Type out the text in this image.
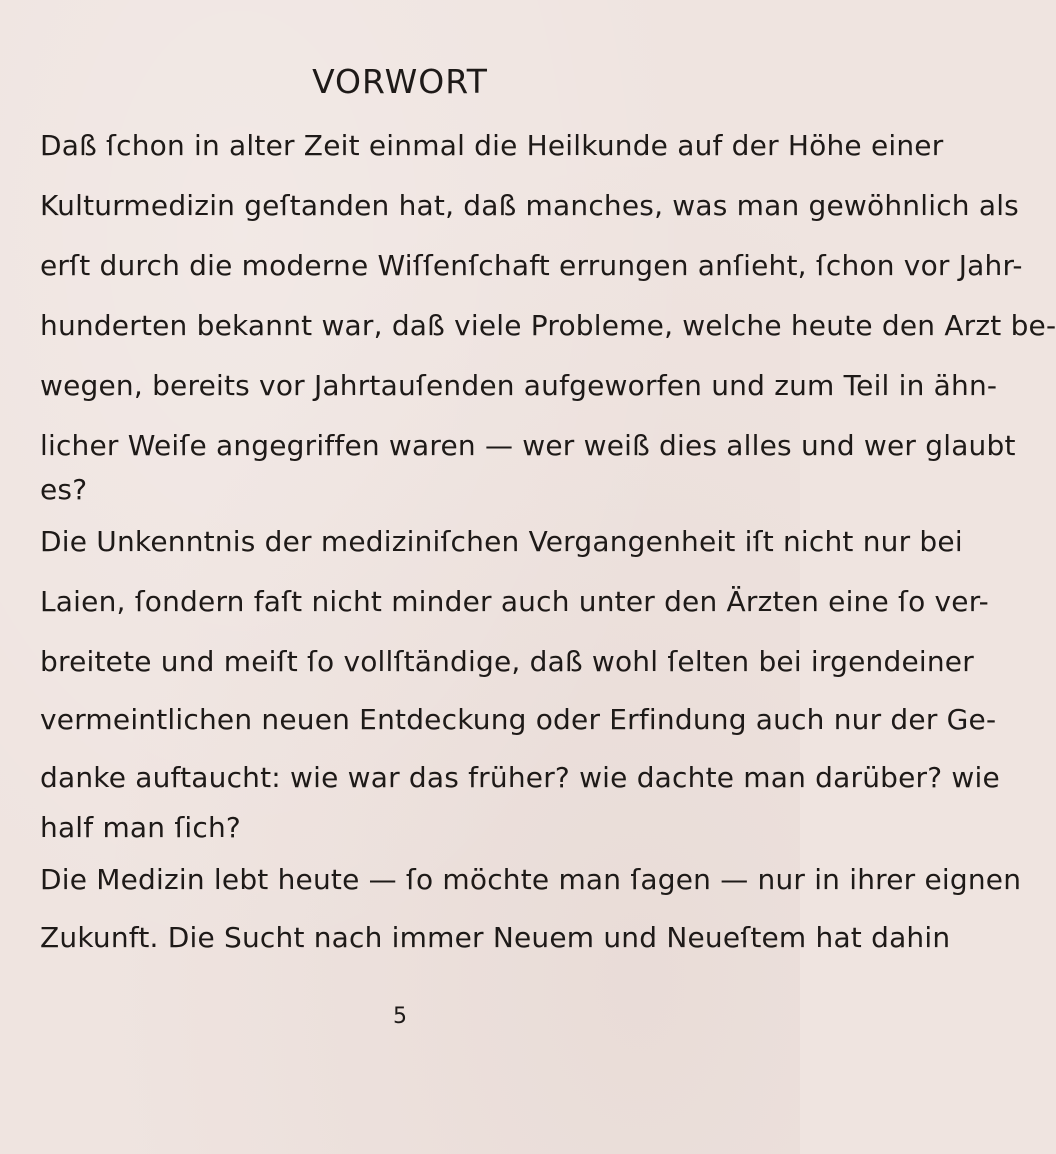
VORWORT
Daß ſchon in alter Zeit einmal die Heilkunde auf der Höhe einer
Kulturmedizin geſtanden hat, daß manches, was man gewöhnlich als
erſt durch die moderne Wiſſenſchaft errungen anſieht, ſchon vor Jahr-
hunderten bekannt war, daß viele Probleme, welche heute den Arzt be-
wegen, bereits vor Jahrtauſenden aufgeworfen und zum Teil in ähn-
licher Weiſe angegriffen waren — wer weiß dies alles und wer glaubt
es?
Die Unkenntnis der mediziniſchen Vergangenheit iſt nicht nur bei
Laien, ſondern faſt nicht minder auch unter den Ärzten eine ſo ver-
breitete und meiſt ſo vollſtändige, daß wohl ſelten bei irgendeiner
vermeintlichen neuen Entdeckung oder Erfindung auch nur der Ge-
danke auftaucht: wie war das früher? wie dachte man darüber? wie
half man ſich?
Die Medizin lebt heute — ſo möchte man ſagen — nur in ihrer eignen
Zukunft. Die Sucht nach immer Neuem und Neueſtem hat dahin
5
